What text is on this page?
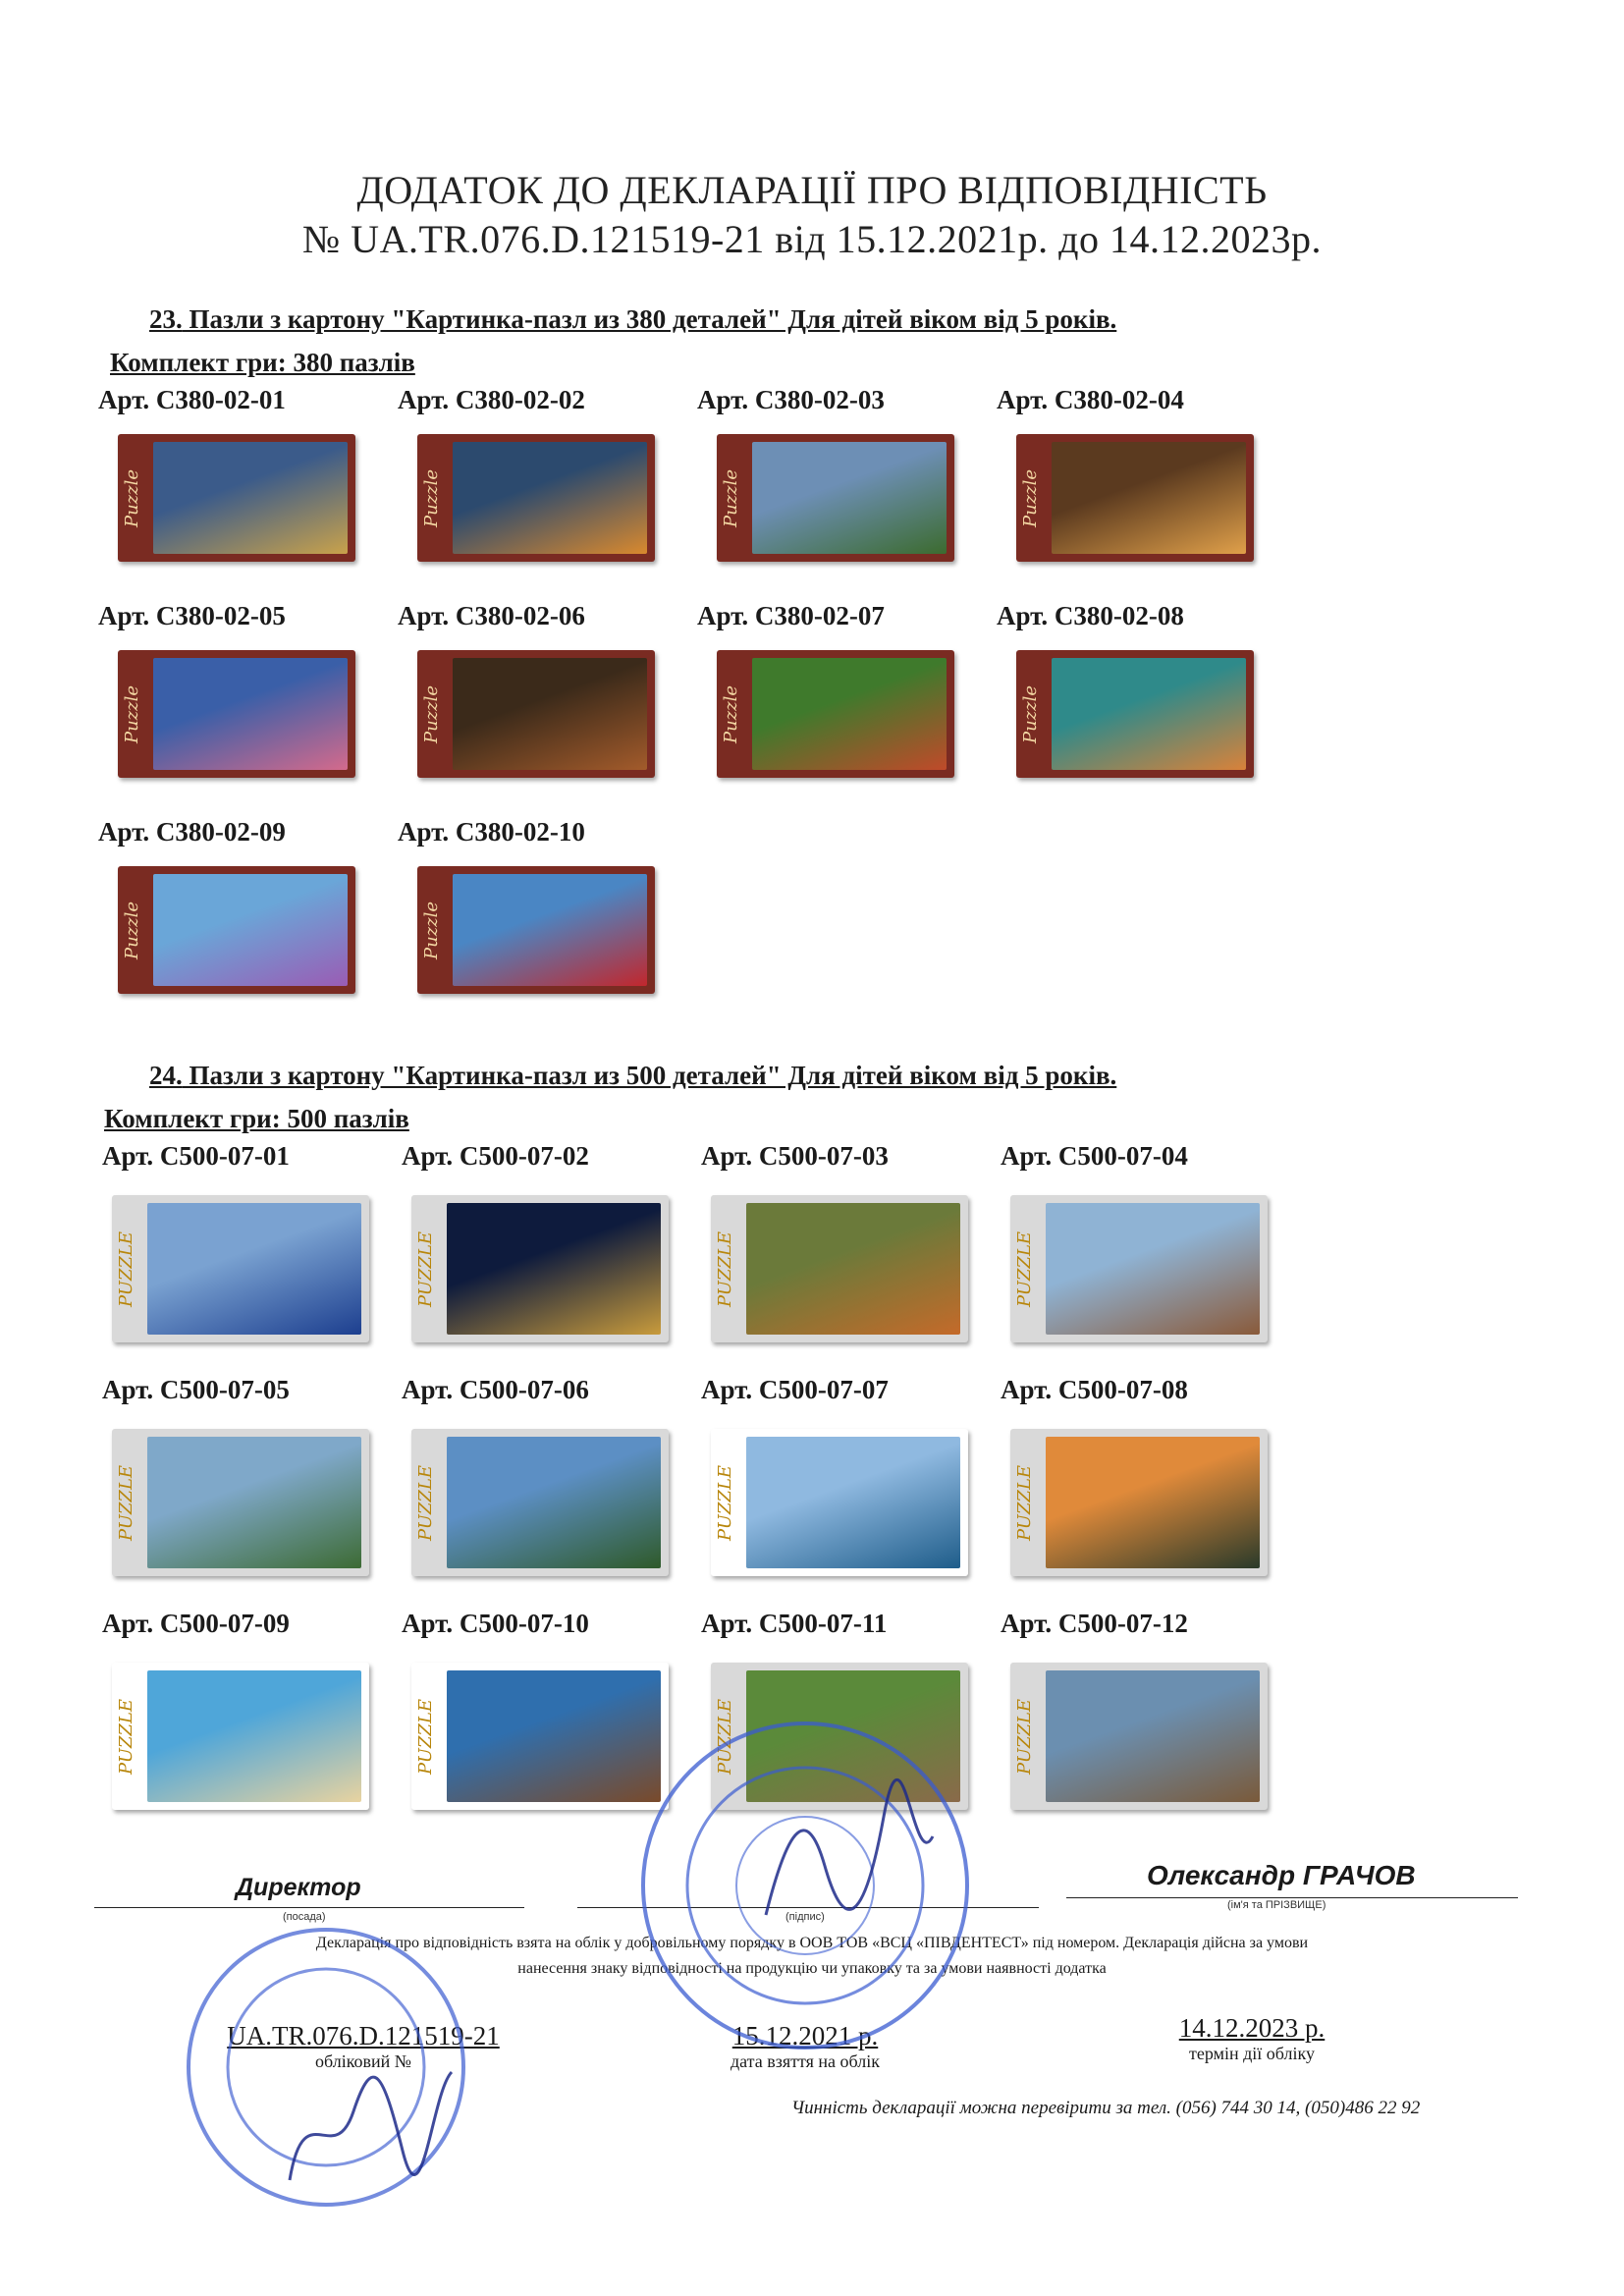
ДОДАТОК ДО ДЕКЛАРАЦІЇ ПРО ВІДПОВІДНІСТЬ
№ UA.TR.076.D.121519-21 від 15.12.2021р. до 14.12.2023р.
23. Пазли з картону "Картинка-пазл из 380 деталей" Для дітей віком від 5 років.
Комплект гри: 380 пазлів
Арт. С380-02-01
Puzzle
Арт. С380-02-02
Puzzle
Арт. С380-02-03
Puzzle
Арт. С380-02-04
Puzzle
Арт. С380-02-05
Puzzle
Арт. С380-02-06
Puzzle
Арт. С380-02-07
Puzzle
Арт. С380-02-08
Puzzle
Арт. С380-02-09
Puzzle
Арт. С380-02-10
Puzzle
24. Пазли з картону "Картинка-пазл из 500 деталей" Для дітей віком від 5 років.
Комплект гри: 500 пазлів
Арт. С500-07-01
PUZZLE
Арт. С500-07-02
PUZZLE
Арт. С500-07-03
PUZZLE
Арт. С500-07-04
PUZZLE
Арт. С500-07-05
PUZZLE
Арт. С500-07-06
PUZZLE
Арт. С500-07-07
PUZZLE
Арт. С500-07-08
PUZZLE
Арт. С500-07-09
PUZZLE
Арт. С500-07-10
PUZZLE
Арт. С500-07-11
PUZZLE
Арт. С500-07-12
PUZZLE
Директор
(посада)	(підпис)
Олександр ГРАЧОВ
(ім'я та ПРІЗВИЩЕ)
Декларація про відповідність взята на облік у добровільному порядку в ООВ ТОВ «ВСЦ «ПІВДЕНТЕСТ» під номером. Декларація дійсна за умови
нанесення знаку відповідності на продукцію чи упаковку та за умови наявності додатка
UA.TR.076.D.121519-21
обліковий №
15.12.2021 р.
дата взяття на облік
14.12.2023 р.
термін дії обліку
Чинність декларації можна перевірити за тел. (056) 744 30 14, (050)486 22 92
